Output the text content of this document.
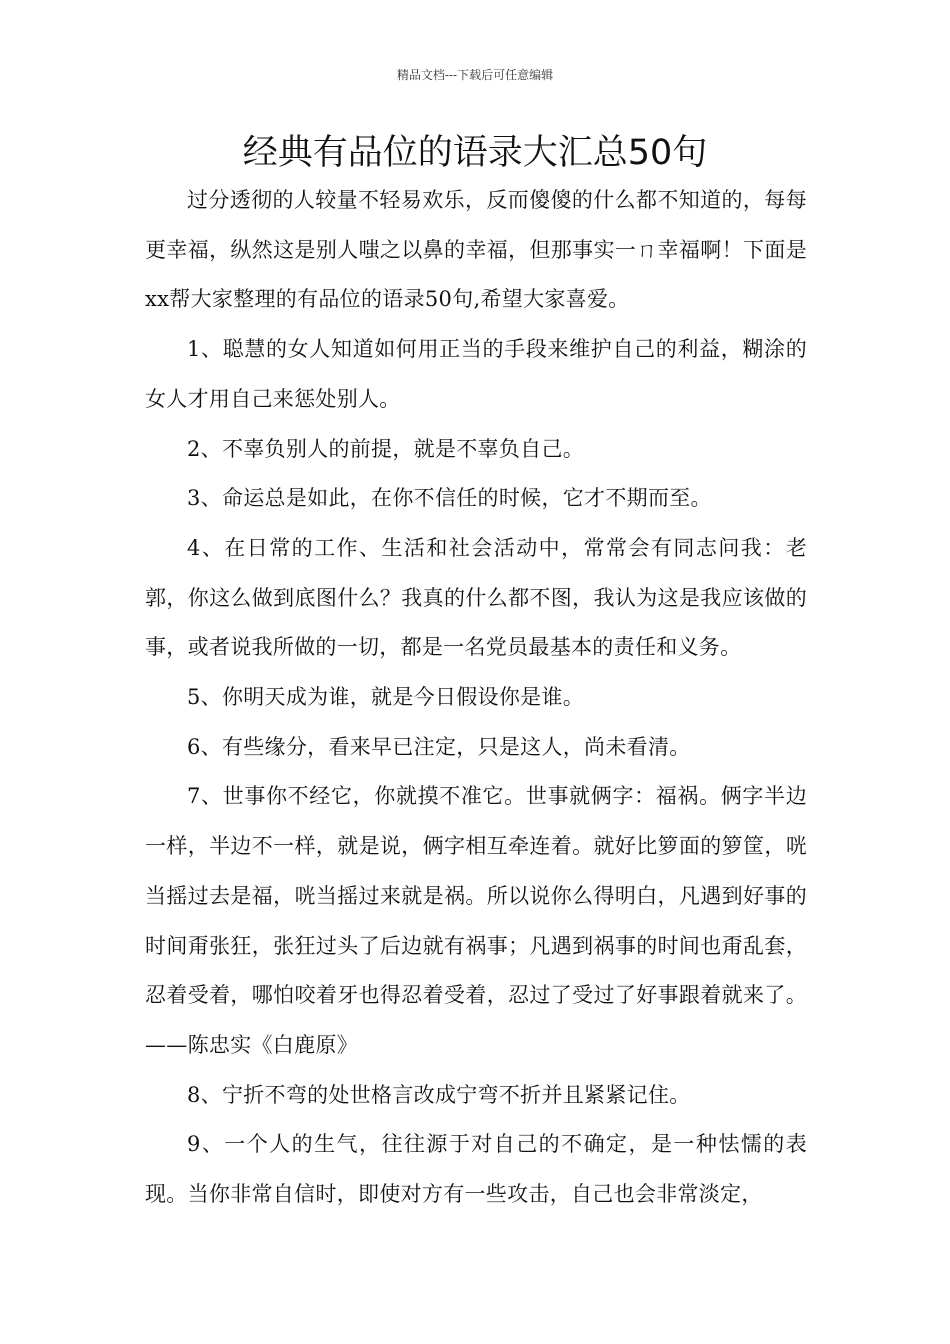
精品文档---下载后可任意编辑
经典有品位的语录大汇总50句

过分透彻的人较量不轻易欢乐，反而傻傻的什么都不知道的，每每更幸福，纵然这是别人嗤之以鼻的幸福，但那事实一ㄇ幸福啊！下面是xx帮大家整理的有品位的语录50句,希望大家喜爱。

1、聪慧的女人知道如何用正当的手段来维护自己的利益，糊涂的女人才用自己来惩处别人。

2、不辜负别人的前提，就是不辜负自己。

3、命运总是如此，在你不信任的时候，它才不期而至。

4、在日常的工作、生活和社会活动中，常常会有同志问我：老郭，你这么做到底图什么？我真的什么都不图，我认为这是我应该做的事，或者说我所做的一切，都是一名党员最基本的责任和义务。

5、你明天成为谁，就是今日假设你是谁。

6、有些缘分，看来早已注定，只是这人，尚未看清。

7、世事你不经它，你就摸不准它。世事就俩字：福祸。俩字半边一样，半边不一样，就是说，俩字相互牵连着。就好比箩面的箩筐，咣当摇过去是福，咣当摇过来就是祸。所以说你么得明白，凡遇到好事的时间甭张狂，张狂过头了后边就有祸事；凡遇到祸事的时间也甭乱套，忍着受着，哪怕咬着牙也得忍着受着，忍过了受过了好事跟着就来了。——陈忠实《白鹿原》

8、宁折不弯的处世格言改成宁弯不折并且紧紧记住。

9、一个人的生气，往往源于对自己的不确定，是一种怯懦的表现。当你非常自信时，即使对方有一些攻击，自己也会非常淡定，
